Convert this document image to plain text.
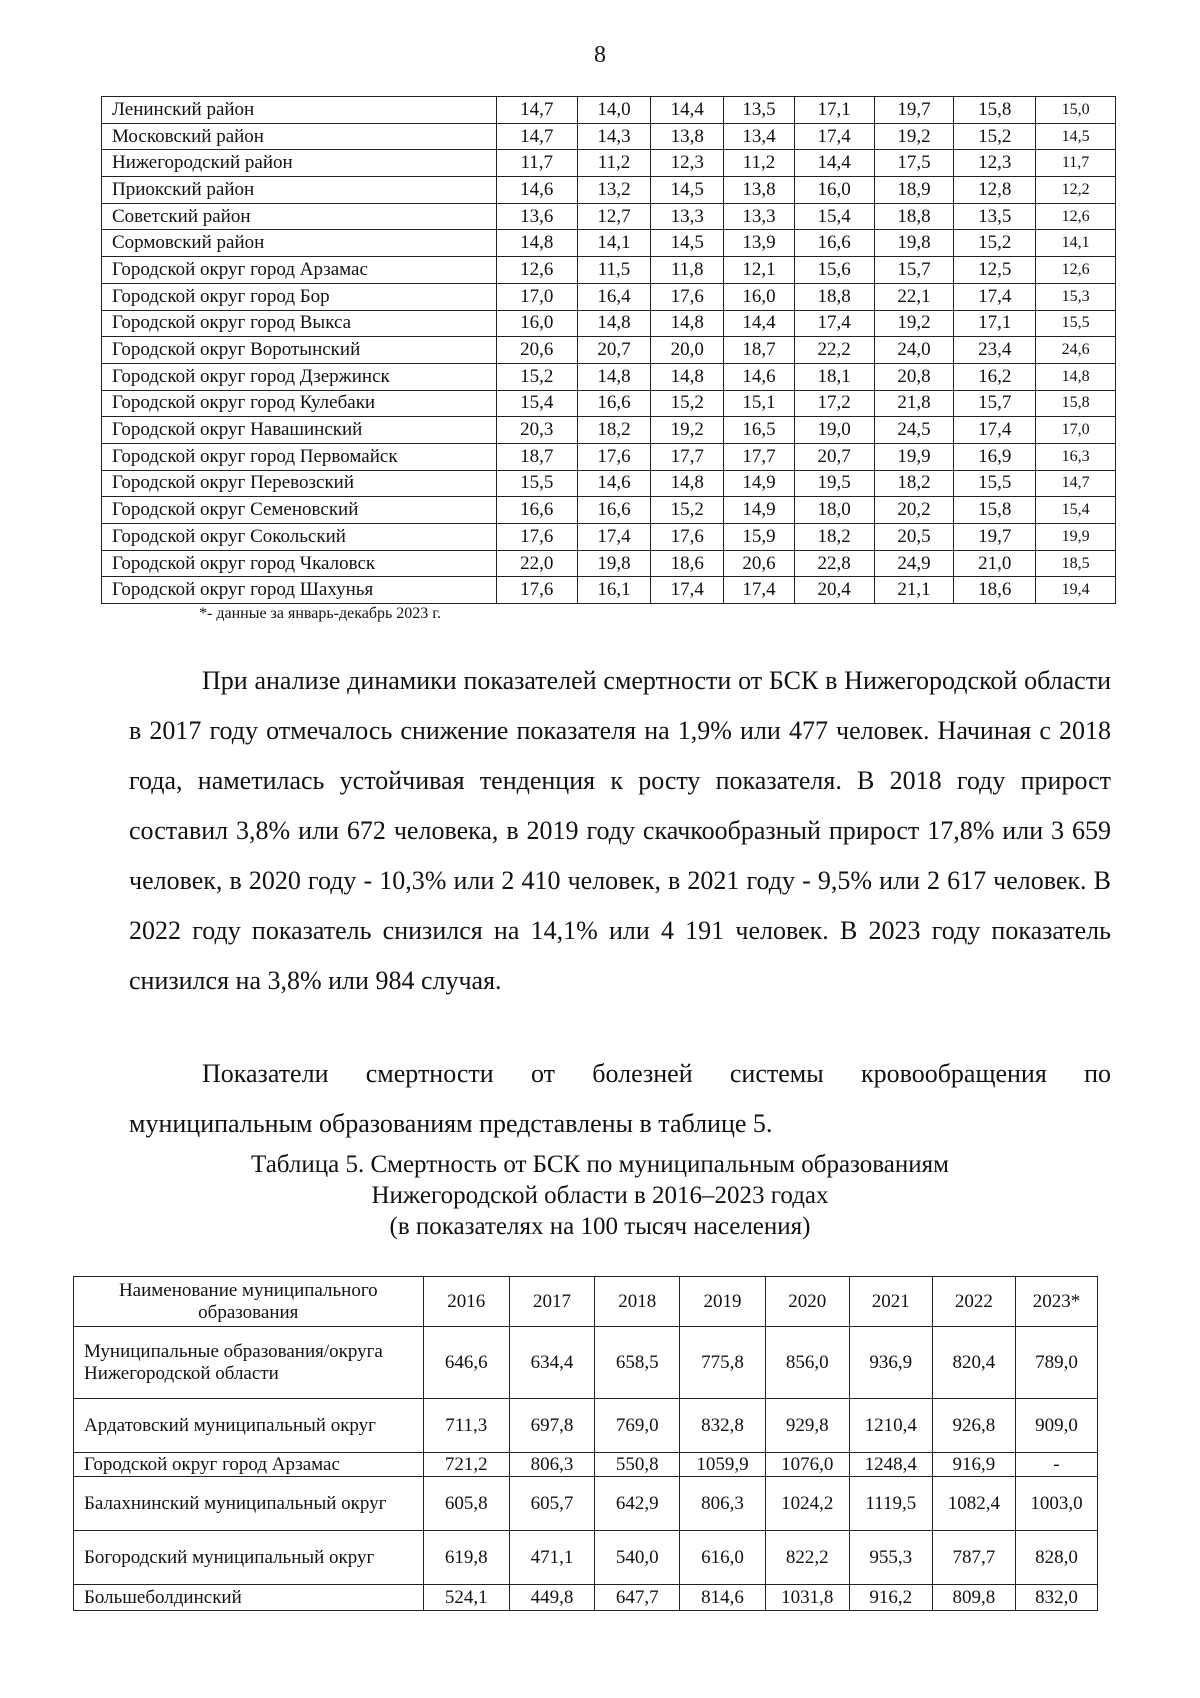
8
Ленинский район	14,7	14,0	14,4	13,5	17,1	19,7	15,8	15,0
Московский район	14,7	14,3	13,8	13,4	17,4	19,2	15,2	14,5
Нижегородский район	11,7	11,2	12,3	11,2	14,4	17,5	12,3	11,7
Приокский район	14,6	13,2	14,5	13,8	16,0	18,9	12,8	12,2
Советский район	13,6	12,7	13,3	13,3	15,4	18,8	13,5	12,6
Сормовский район	14,8	14,1	14,5	13,9	16,6	19,8	15,2	14,1
Городской округ город Арзамас	12,6	11,5	11,8	12,1	15,6	15,7	12,5	12,6
Городской округ город Бор	17,0	16,4	17,6	16,0	18,8	22,1	17,4	15,3
Городской округ город Выкса	16,0	14,8	14,8	14,4	17,4	19,2	17,1	15,5
Городской округ Воротынский	20,6	20,7	20,0	18,7	22,2	24,0	23,4	24,6
Городской округ город Дзержинск	15,2	14,8	14,8	14,6	18,1	20,8	16,2	14,8
Городской округ город Кулебаки	15,4	16,6	15,2	15,1	17,2	21,8	15,7	15,8
Городской округ Навашинский	20,3	18,2	19,2	16,5	19,0	24,5	17,4	17,0
Городской округ город Первомайск	18,7	17,6	17,7	17,7	20,7	19,9	16,9	16,3
Городской округ Перевозский	15,5	14,6	14,8	14,9	19,5	18,2	15,5	14,7
Городской округ Семеновский	16,6	16,6	15,2	14,9	18,0	20,2	15,8	15,4
Городской округ Сокольский	17,6	17,4	17,6	15,9	18,2	20,5	19,7	19,9
Городской округ город Чкаловск	22,0	19,8	18,6	20,6	22,8	24,9	21,0	18,5
Городской округ город Шахунья	17,6	16,1	17,4	17,4	20,4	21,1	18,6	19,4
*- данные за январь-декабрь 2023 г.
При анализе динамики показателей смертности от БСК в Нижегородской области в 2017 году отмечалось снижение показателя на 1,9% или 477 человек. Начиная с 2018 года, наметилась устойчивая тенденция к росту показателя. В 2018 году прирост составил 3,8% или 672 человека, в 2019 году скачкообразный прирост 17,8% или 3 659 человек, в 2020 году - 10,3% или 2 410 человек, в 2021 году - 9,5% или 2 617 человек. В 2022 году показатель снизился на 14,1% или 4 191 человек. В 2023 году показатель снизился на 3,8% или 984 случая.
Показатели смертности от болезней системы кровообращения по муниципальным образованиям представлены в таблице 5.
Таблица 5. Смертность от БСК по муниципальным образованиям
Нижегородской области в 2016–2023 годах
(в показателях на 100 тысяч населения)
Наименование муниципального образования	2016	2017	2018	2019	2020	2021	2022	2023*
Муниципальные образования/округа Нижегородской области	646,6	634,4	658,5	775,8	856,0	936,9	820,4	789,0
Ардатовский муниципальный округ	711,3	697,8	769,0	832,8	929,8	1210,4	926,8	909,0
Городской округ город Арзамас	721,2	806,3	550,8	1059,9	1076,0	1248,4	916,9	-
Балахнинский муниципальный округ	605,8	605,7	642,9	806,3	1024,2	1119,5	1082,4	1003,0
Богородский муниципальный округ	619,8	471,1	540,0	616,0	822,2	955,3	787,7	828,0
Большеболдинский	524,1	449,8	647,7	814,6	1031,8	916,2	809,8	832,0
